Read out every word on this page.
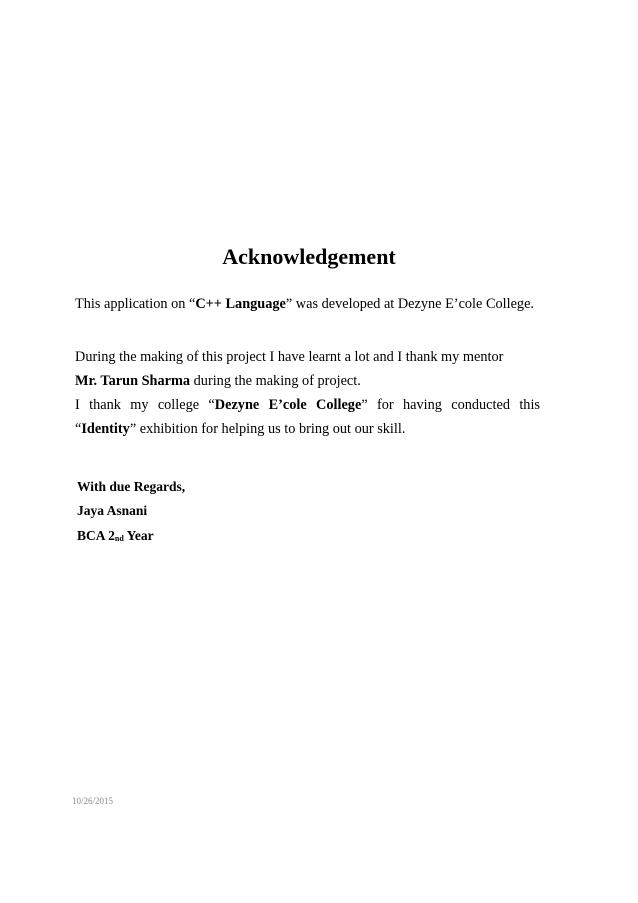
Acknowledgement

This application on “C++ Language” was developed at Dezyne E’cole College.

During the making of this project I have learnt a lot and I thank my mentor
Mr. Tarun Sharma during the making of project.

I thank my college “Dezyne E’cole College” for having conducted this “Identity” exhibition for helping us to bring out our skill.

With due Regards,

Jaya Asnani

BCA 2nd Year

10/26/2015
